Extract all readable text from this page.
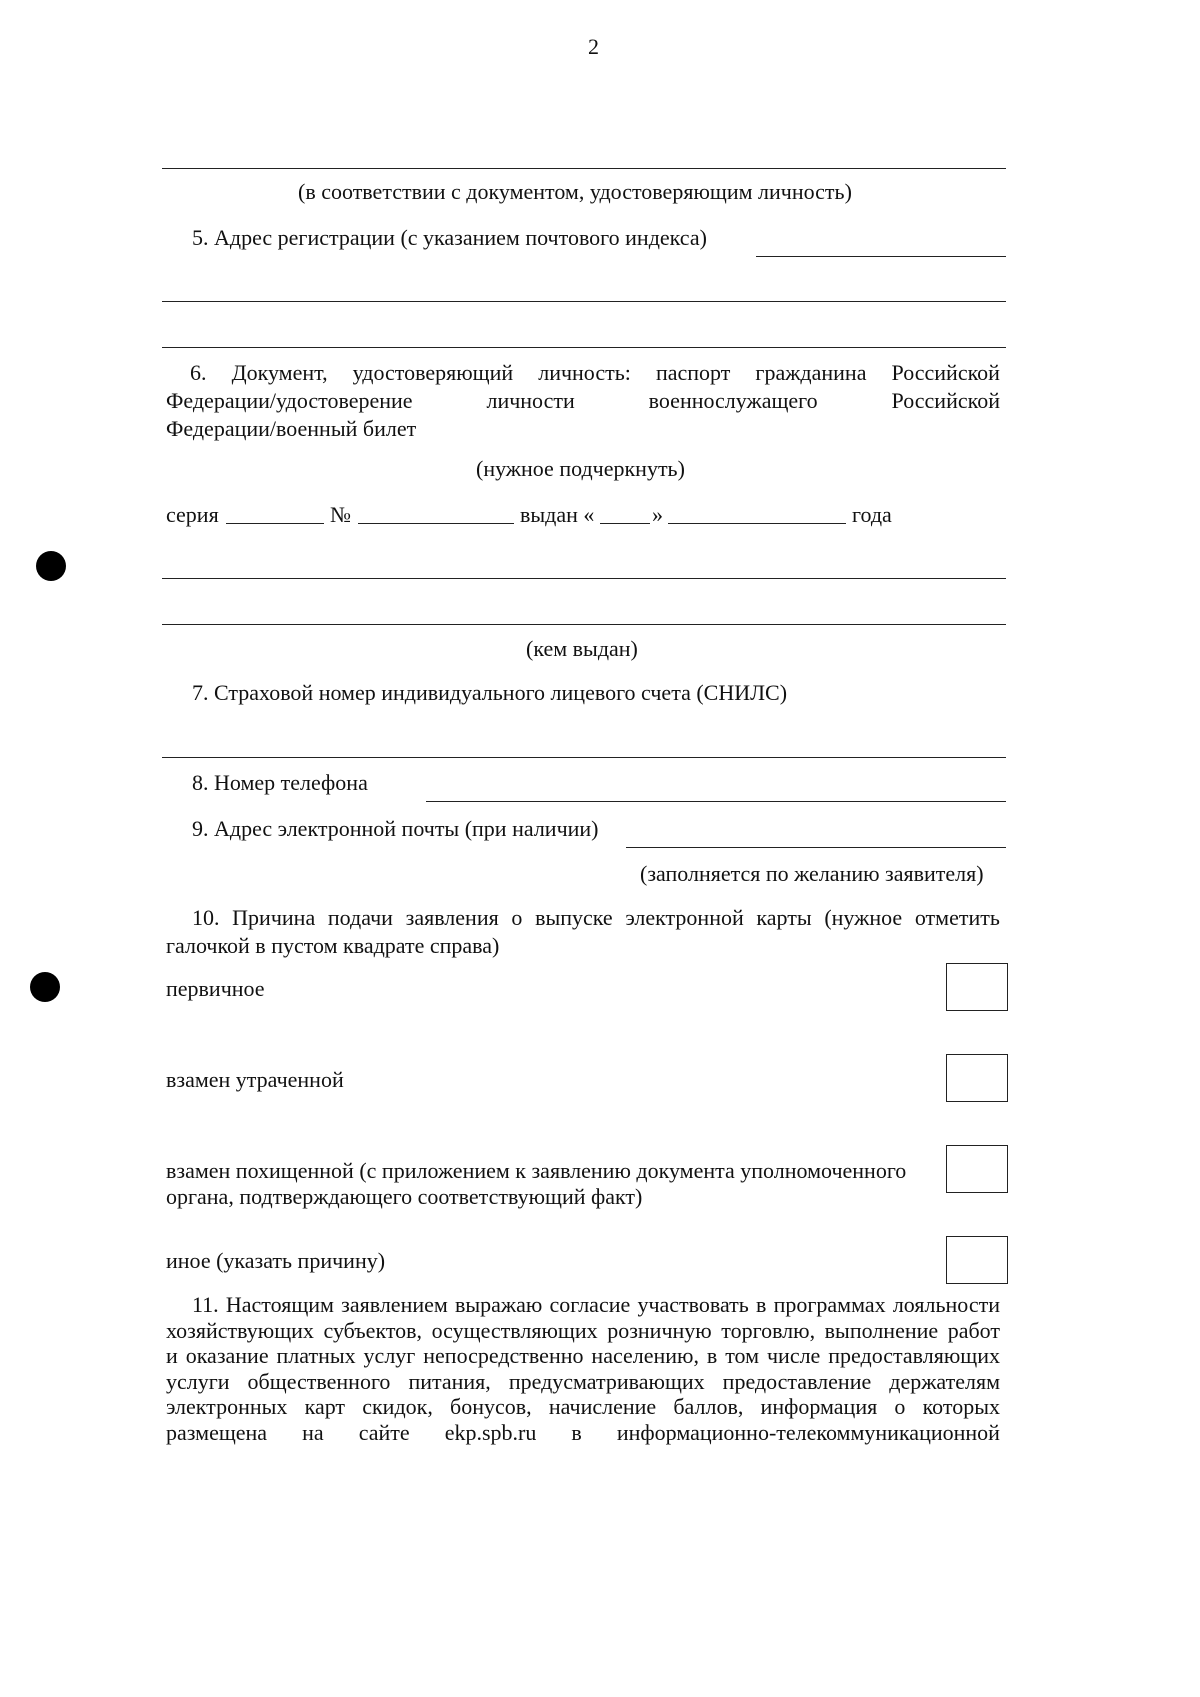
2
(в соответствии с документом, удостоверяющим личность)
5. Адрес регистрации (с указанием почтового индекса)
6. Документ, удостоверяющий личность: паспорт гражданина Российской
Федерации/удостоверение	личности	военнослужащего	Российской
Федерации/военный билет
(нужное подчеркнуть)
серия	№	выдан «	»	года
(кем выдан)
7. Страховой номер индивидуального лицевого счета (СНИЛС)
8. Номер телефона
9. Адрес электронной почты (при наличии)
(заполняется по желанию заявителя)
10. Причина подачи заявления о выпуске электронной карты (нужное отметить
галочкой в пустом квадрате справа)
первичное
взамен утраченной
взамен похищенной (с приложением к заявлению документа уполномоченного
органа, подтверждающего соответствующий факт)
иное (указать причину)
11. Настоящим заявлением выражаю согласие участвовать в программах лояльности
хозяйствующих субъектов, осуществляющих розничную торговлю, выполнение работ
и оказание платных услуг непосредственно населению, в том числе предоставляющих
услуги общественного питания, предусматривающих предоставление держателям
электронных карт скидок, бонусов, начисление баллов, информация о которых
размещена на сайте ekp.spb.ru в информационно-телекоммуникационной
